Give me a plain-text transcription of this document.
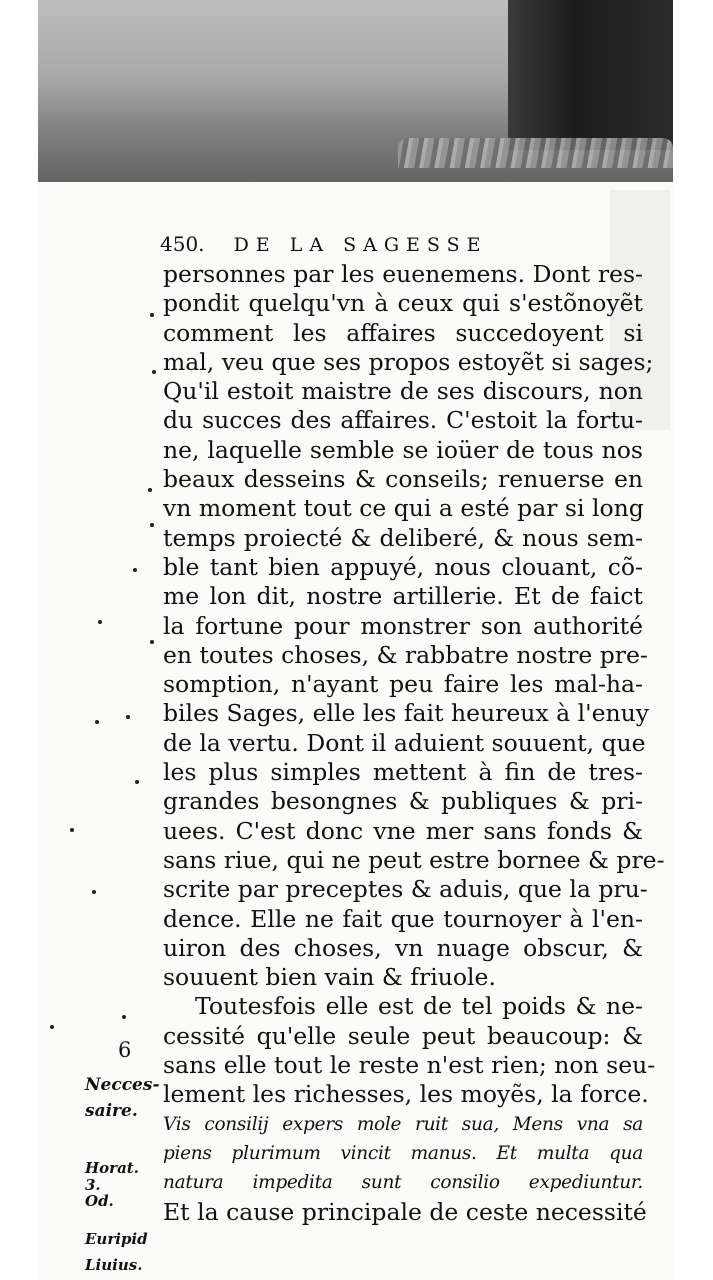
450. DE LA SAGESSE
personnes par les euenemens. Dont res-
pondit quelqu'vn à ceux qui s'estõnoyẽt
comment les affaires succedoyent si
mal, veu que ses propos estoyẽt si sages;
Qu'il estoit maistre de ses discours, non
du succes des affaires. C'estoit la fortu-
ne, laquelle semble se ioüer de tous nos
beaux desseins & conseils; renuerse en
vn moment tout ce qui a esté par si long
temps proiecté & deliberé, & nous sem-
ble tant bien appuyé, nous clouant, cõ-
me lon dit, nostre artillerie. Et de faict
la fortune pour monstrer son authorité
en toutes choses, & rabbatre nostre pre-
somption, n'ayant peu faire les mal-ha-
biles Sages, elle les fait heureux à l'enuy
de la vertu. Dont il aduient souuent, que
les plus simples mettent à fin de tres-
grandes besongnes & publiques & pri-
uees. C'est donc vne mer sans fonds &
sans riue, qui ne peut estre bornee & pre-
scrite par preceptes & aduis, que la pru-
dence. Elle ne fait que tournoyer à l'en-
uiron des choses, vn nuage obscur, &
souuent bien vain & friuole.
Toutesfois elle est de tel poids & ne-
cessité qu'elle seule peut beaucoup: &
sans elle tout le reste n'est rien; non seu-
lement les richesses, les moyẽs, la force.
Vis consilij expers mole ruit sua, Mens vna sa
piens plurimum vincit manus. Et multa qua
natura impedita sunt consilio expediuntur.
Et la cause principale de ceste necessité
6
Necces-
saire.
Horat.
3.
Od.
Euripid
Liuius.
